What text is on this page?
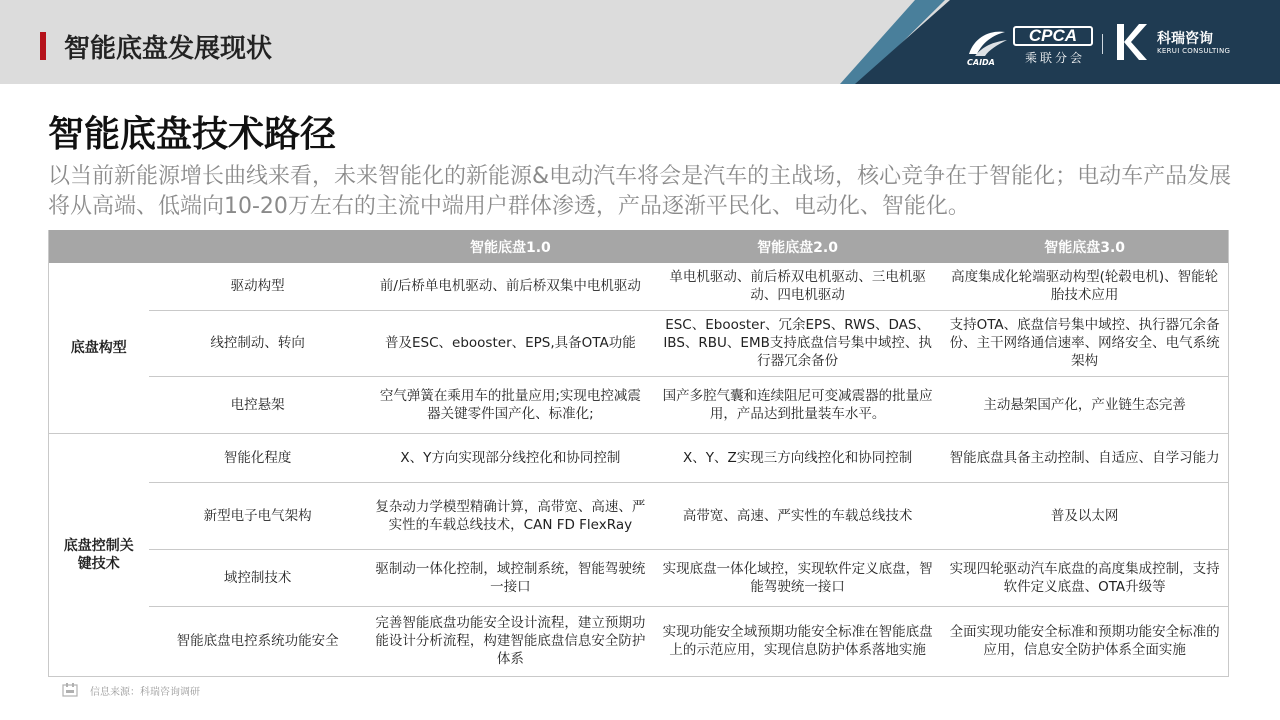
智能底盘发展现状	CPCA
乘联分会
CAIDA
科瑞咨询
KERUI CONSULTING
智能底盘技术路径
以当前新能源增长曲线来看，未来智能化的新能源&电动汽车将会是汽车的主战场，核心竞争在于智能化；电动车产品发展将从高端、低端向10-20万左右的主流中端用户群体渗透，产品逐渐平民化、电动化、智能化。
		智能底盘1.0	智能底盘2.0	智能底盘3.0
底盘构型	驱动构型	前/后桥单电机驱动、前后桥双集中电机驱动	单电机驱动、前后桥双电机驱动、三电机驱动、四电机驱动	高度集成化轮端驱动构型(轮毂电机)、智能轮胎技术应用
	线控制动、转向	普及ESC、ebooster、EPS,具备OTA功能	ESC、Ebooster、冗余EPS、RWS、DAS、IBS、RBU、EMB支持底盘信号集中域控、执行器冗余备份	支持OTA、底盘信号集中域控、执行器冗余备份、主干网络通信速率、网络安全、电气系统架构
	电控悬架	空气弹簧在乘用车的批量应用;实现电控减震器关键零件国产化、标准化;	国产多腔气囊和连续阻尼可变减震器的批量应用，产品达到批量装车水平。	主动悬架国产化，产业链生态完善
底盘控制关键技术	智能化程度	X、Y方向实现部分线控化和协同控制	X、Y、Z实现三方向线控化和协同控制	智能底盘具备主动控制、自适应、自学习能力
	新型电子电气架构	复杂动力学模型精确计算，高带宽、高速、严实性的车载总线技术，CAN FD FlexRay	高带宽、高速、严实性的车载总线技术	普及以太网
	域控制技术	驱制动一体化控制，域控制系统，智能驾驶统一接口	实现底盘一体化域控，实现软件定义底盘，智能驾驶统一接口	实现四轮驱动汽车底盘的高度集成控制，支持软件定义底盘、OTA升级等
	智能底盘电控系统功能安全	完善智能底盘功能安全设计流程，建立预期功能设计分析流程，构建智能底盘信息安全防护体系	实现功能安全域预期功能安全标准在智能底盘上的示范应用，实现信息防护体系落地实施	全面实现功能安全标准和预期功能安全标准的应用，信息安全防护体系全面实施
信息来源：科瑞咨询调研
